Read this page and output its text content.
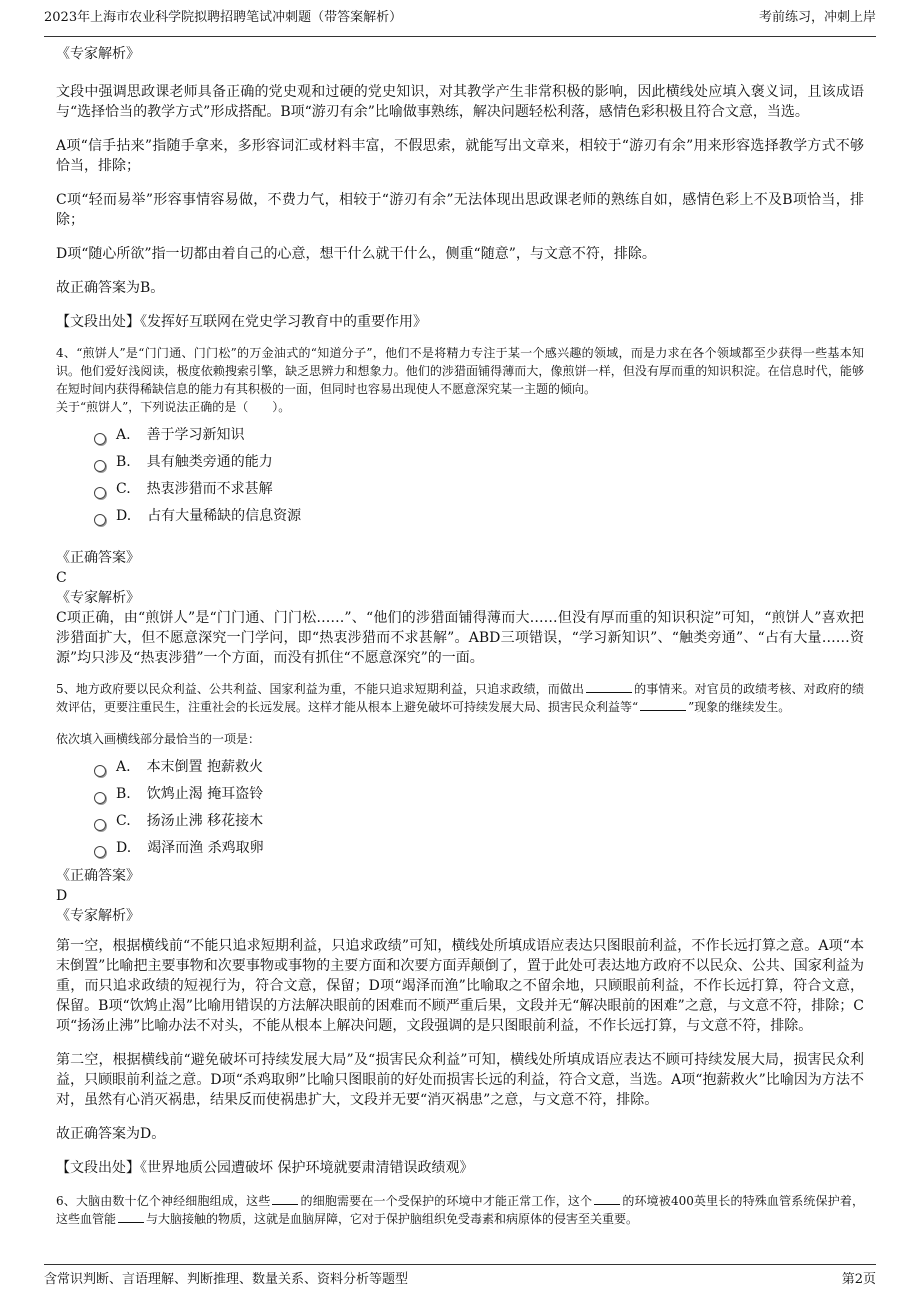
2023年上海市农业科学院拟聘招聘笔试冲刺题（带答案解析）	考前练习，冲刺上岸

《专家解析》

文段中强调思政课老师具备正确的党史观和过硬的党史知识，对其教学产生非常积极的影响，因此横线处应填入褒义词，且该成语与“选择恰当的教学方式”形成搭配。B项“游刃有余”比喻做事熟练，解决问题轻松利落，感情色彩积极且符合文意，当选。

A项“信手拈来”指随手拿来，多形容词汇或材料丰富，不假思索，就能写出文章来，相较于“游刃有余”用来形容选择教学方式不够恰当，排除；

C项“轻而易举”形容事情容易做，不费力气，相较于“游刃有余”无法体现出思政课老师的熟练自如，感情色彩上不及B项恰当，排除；

D项“随心所欲”指一切都由着自己的心意，想干什么就干什么，侧重“随意”，与文意不符，排除。

故正确答案为B。

【文段出处】《发挥好互联网在党史学习教育中的重要作用》

4、“煎饼人”是“门门通、门门松”的万金油式的“知道分子”，他们不是将精力专注于某一个感兴趣的领域，而是力求在各个领域都至少获得一些基本知识。他们爱好浅阅读，极度依赖搜索引擎，缺乏思辨力和想象力。他们的涉猎面铺得薄而大，像煎饼一样，但没有厚而重的知识积淀。在信息时代，能够在短时间内获得稀缺信息的能力有其积极的一面，但同时也容易出现使人不愿意深究某一主题的倾向。

关于“煎饼人”，下列说法正确的是（　　）。

A. 善于学习新知识
B. 具有触类旁通的能力
C. 热衷涉猎而不求甚解
D. 占有大量稀缺的信息资源

《正确答案》

C

《专家解析》

C项正确，由“煎饼人”是“门门通、门门松……”、“他们的涉猎面铺得薄而大……但没有厚而重的知识积淀”可知，“煎饼人”喜欢把涉猎面扩大，但不愿意深究一门学问，即“热衷涉猎而不求甚解”。ABD三项错误，“学习新知识”、“触类旁通”、“占有大量……资源”均只涉及“热衷涉猎”一个方面，而没有抓住“不愿意深究”的一面。

5、地方政府要以民众利益、公共利益、国家利益为重，不能只追求短期利益，只追求政绩，而做出	的事情来。对官员的政绩考核、对政府的绩效评估，更要注重民生，注重社会的长远发展。这样才能从根本上避免破坏可持续发展大局、损害民众利益等“	”现象的继续发生。

依次填入画横线部分最恰当的一项是：

A. 本末倒置 抱薪救火
B. 饮鸩止渴 掩耳盗铃
C. 扬汤止沸 移花接木
D. 竭泽而渔 杀鸡取卵

《正确答案》

D

《专家解析》

第一空，根据横线前“不能只追求短期利益，只追求政绩”可知，横线处所填成语应表达只图眼前利益，不作长远打算之意。A项“本末倒置”比喻把主要事物和次要事物或事物的主要方面和次要方面弄颠倒了，置于此处可表达地方政府不以民众、公共、国家利益为重，而只追求政绩的短视行为，符合文意，保留；D项“竭泽而渔”比喻取之不留余地，只顾眼前利益，不作长远打算，符合文意，保留。B项“饮鸩止渴”比喻用错误的方法解决眼前的困难而不顾严重后果，文段并无“解决眼前的困难”之意，与文意不符，排除；C项“扬汤止沸”比喻办法不对头，不能从根本上解决问题，文段强调的是只图眼前利益，不作长远打算，与文意不符，排除。

第二空，根据横线前“避免破坏可持续发展大局”及“损害民众利益”可知，横线处所填成语应表达不顾可持续发展大局，损害民众利益，只顾眼前利益之意。D项“杀鸡取卵”比喻只图眼前的好处而损害长远的利益，符合文意，当选。A项“抱薪救火”比喻因为方法不对，虽然有心消灭祸患，结果反而使祸患扩大，文段并无要“消灭祸患”之意，与文意不符，排除。

故正确答案为D。

【文段出处】《世界地质公园遭破坏 保护环境就要肃清错误政绩观》

6、大脑由数十亿个神经细胞组成，这些	的细胞需要在一个受保护的环境中才能正常工作，这个	的环境被400英里长的特殊血管系统保护着，这些血管能	与大脑接触的物质，这就是血脑屏障，它对于保护脑组织免受毒素和病原体的侵害至关重要。

含常识判断、言语理解、判断推理、数量关系、资料分析等题型	第2页
